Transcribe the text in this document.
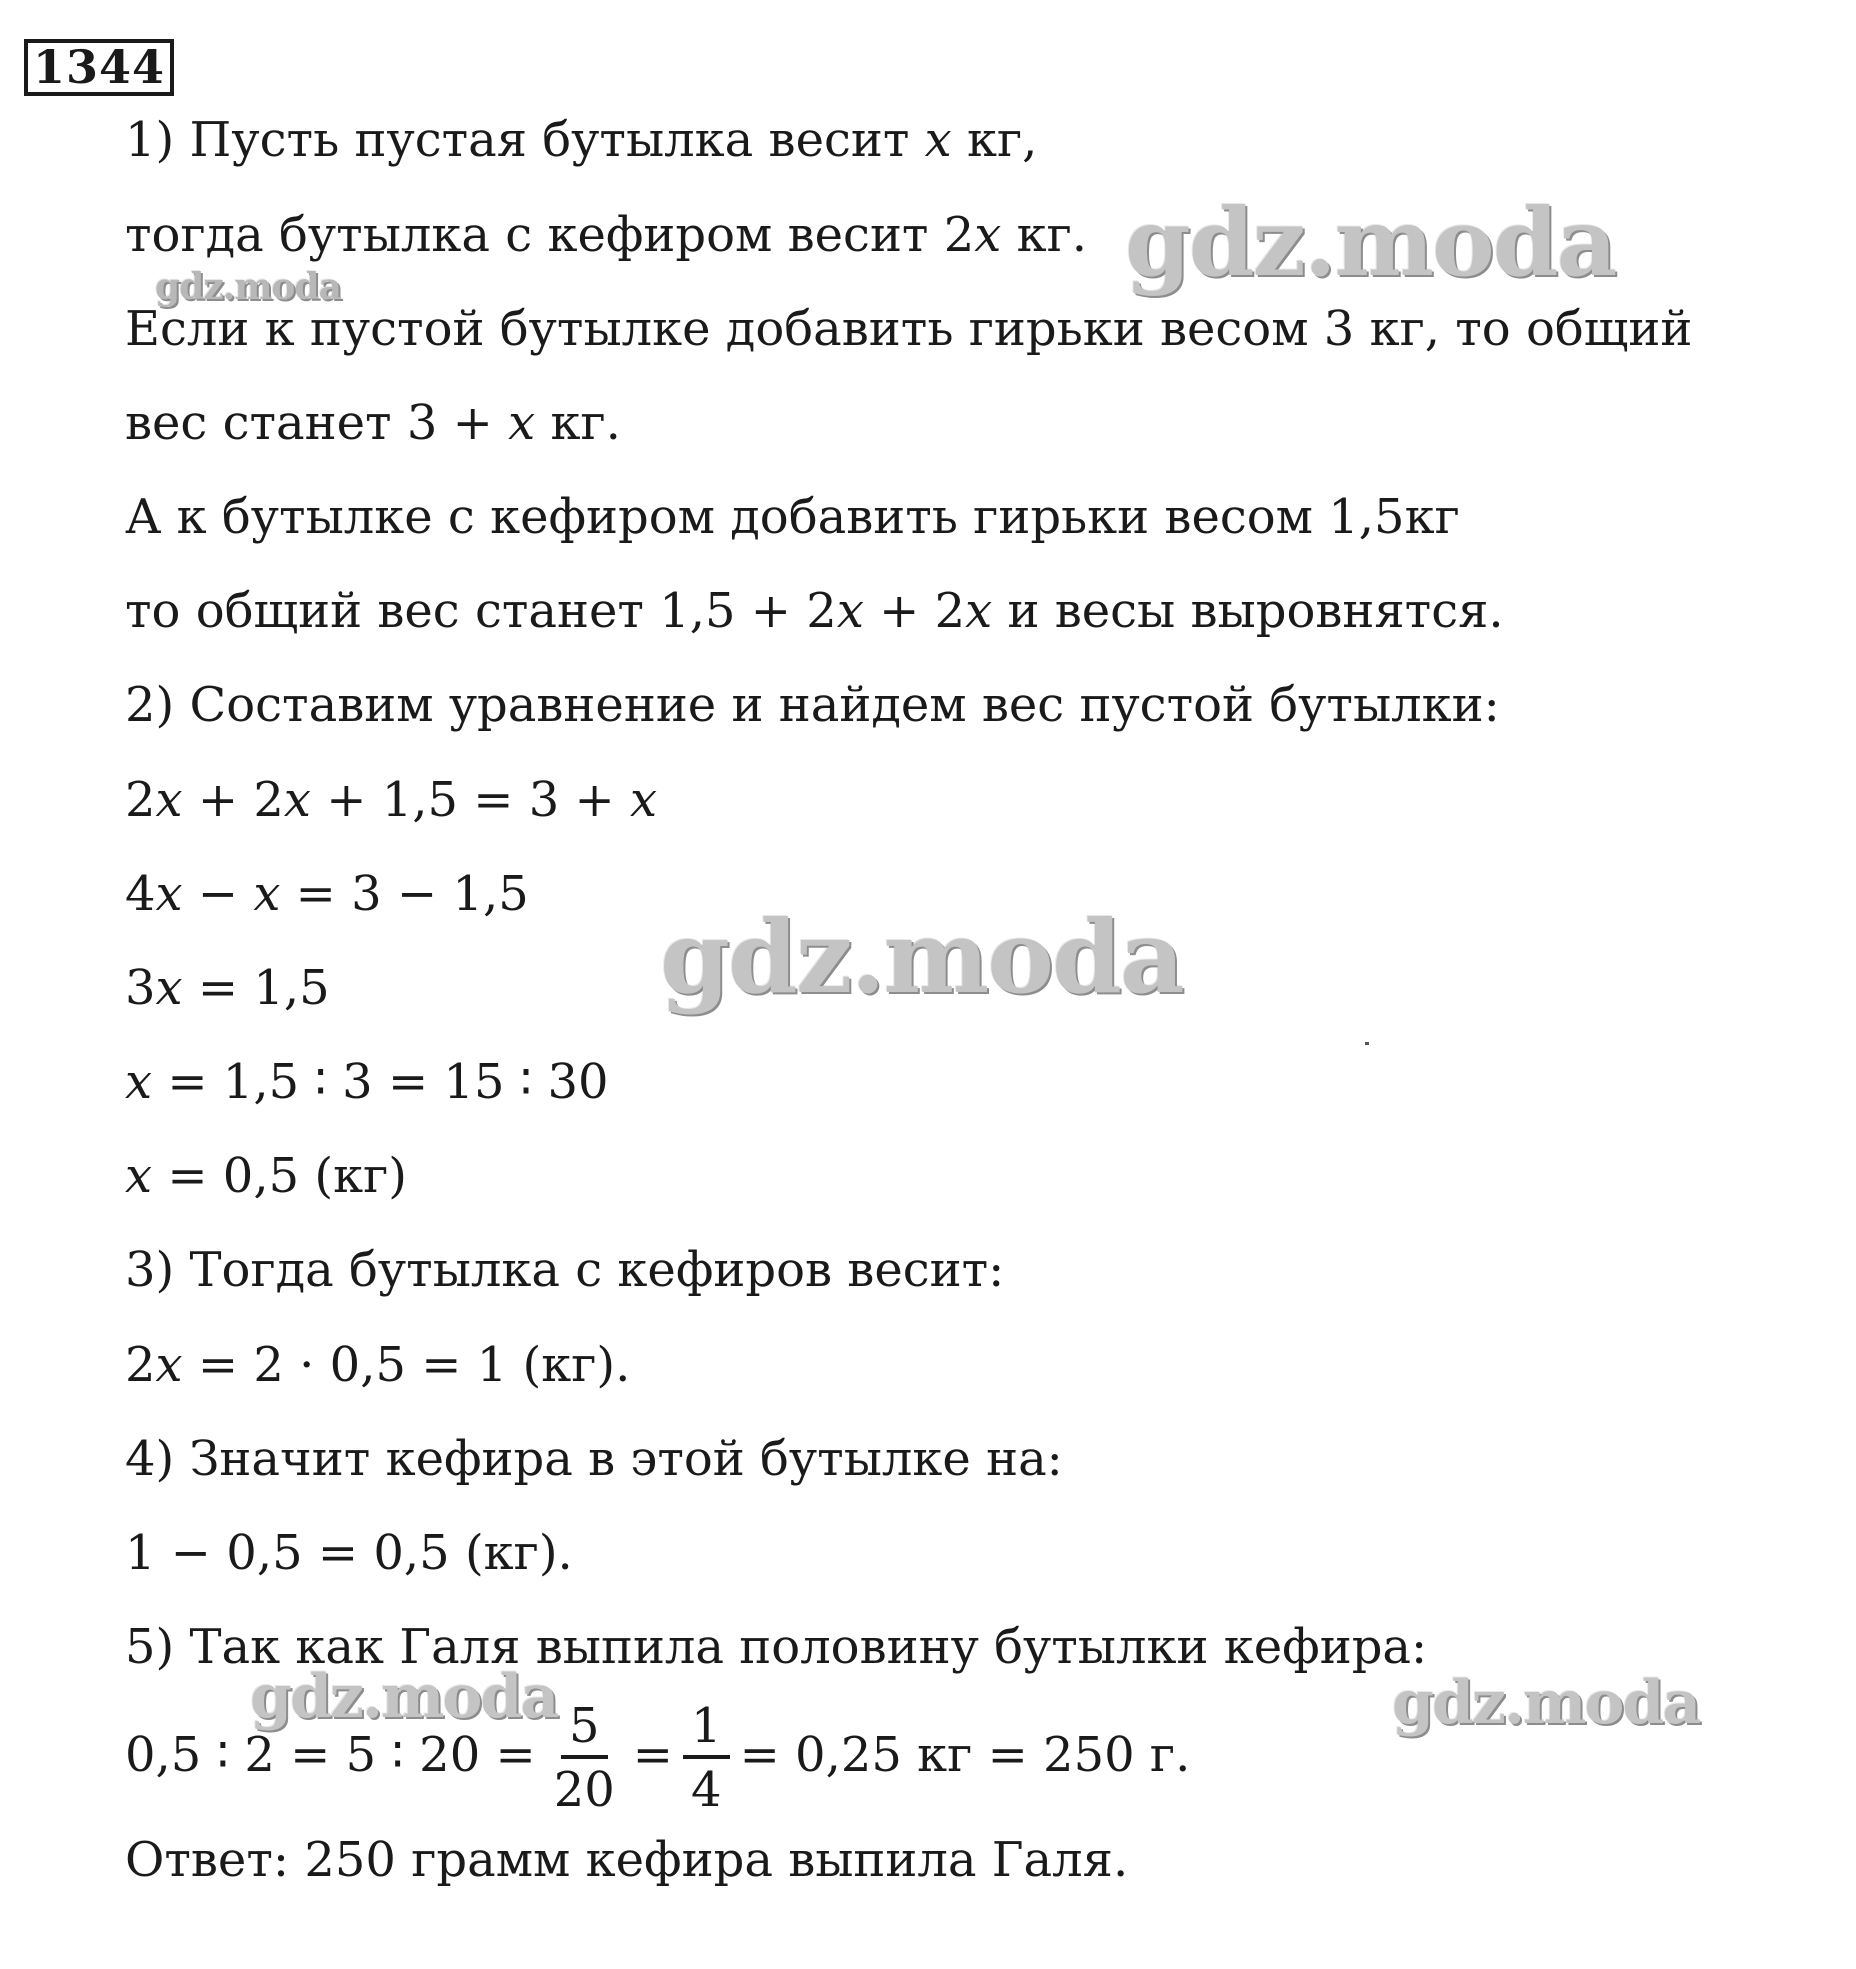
1344
1) Пусть пустая бутылка весит 𝑥 кг,
тогда бутылка с кефиром весит 2𝑥 кг.
Если к пустой бутылке добавить гирьки весом 3 кг, то общий
вес станет 3 + 𝑥 кг.
А к бутылке с кефиром добавить гирьки весом 1,5кг
то общий вес станет 1,5 + 2𝑥 + 2𝑥 и весы выровнятся.
2) Составим уравнение и найдем вес пустой бутылки:
2𝑥 + 2𝑥 + 1,5 = 3 + 𝑥
4𝑥 − 𝑥 = 3 − 1,5
3𝑥 = 1,5
𝑥 = 1,5 ∶ 3 = 15 ∶ 30
𝑥 = 0,5 (кг)
3) Тогда бутылка с кефиров весит:
2𝑥 = 2 · 0,5 = 1 (кг).
4) Значит кефира в этой бутылке на:
1 − 0,5 = 0,5 (кг).
5) Так как Галя выпила половину бутылки кефира:
0,5 ∶ 2 = 5 ∶ $20 = \frac{5}{20} = \frac{1}{4} = 0,25$ кг = 250 г.
Ответ: 250 грамм кефира выпила Галя.
gdz.moda
gdz.moda
gdz.moda
gdz.moda	gdz.moda
